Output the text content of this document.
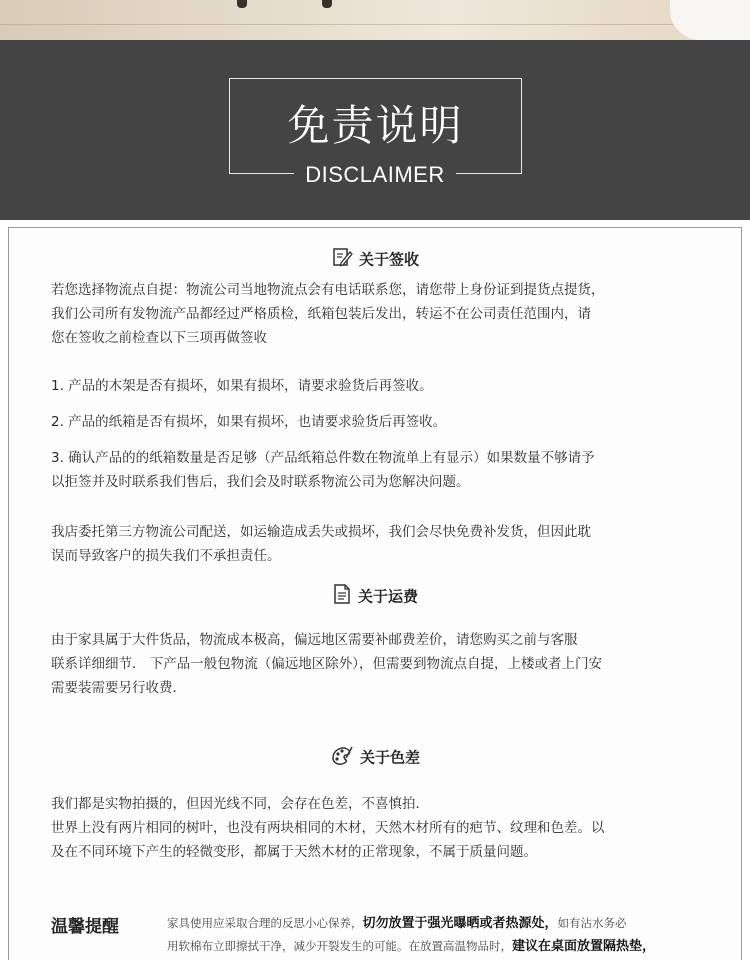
免责说明
DISCLAIMER
关于签收

若您选择物流点自提：物流公司当地物流点会有电话联系您，请您带上身份证到提货点提货，

我们公司所有发物流产品都经过严格质检，纸箱包装后发出，转运不在公司责任范围内，请

您在签收之前检查以下三项再做签收

1. 产品的木架是否有损坏，如果有损坏，请要求验货后再签收。

2. 产品的纸箱是否有损坏，如果有损坏，也请要求验货后再签收。

3. 确认产品的的纸箱数量是否足够（产品纸箱总件数在物流单上有显示）如果数量不够请予

以拒签并及时联系我们售后，我们会及时联系物流公司为您解决问题。

我店委托第三方物流公司配送，如运输造成丢失或损坏，我们会尽快免费补发货，但因此耽

误而导致客户的损失我们不承担责任。

关于运费

由于家具属于大件货品，物流成本极高，偏远地区需要补邮费差价，请您购买之前与客服

联系详细细节． 下产品一般包物流（偏远地区除外），但需要到物流点自提，上楼或者上门安

需要装需要另行收费．

关于色差

我们都是实物拍摄的，但因光线不同，会存在色差，不喜慎拍．

世界上没有两片相同的树叶，也没有两块相同的木材，天然木材所有的疤节、纹理和色差。以

及在不同环境下产生的轻微变形，都属于天然木材的正常现象，不属于质量问题。

温馨提醒	家具使用应采取合理的反思小心保养，切勿放置于强光曝晒或者热源处，如有沾水务必
用软棉布立即擦拭干净，减少开裂发生的可能。在放置高温物品时，建议在桌面放置隔热垫，
